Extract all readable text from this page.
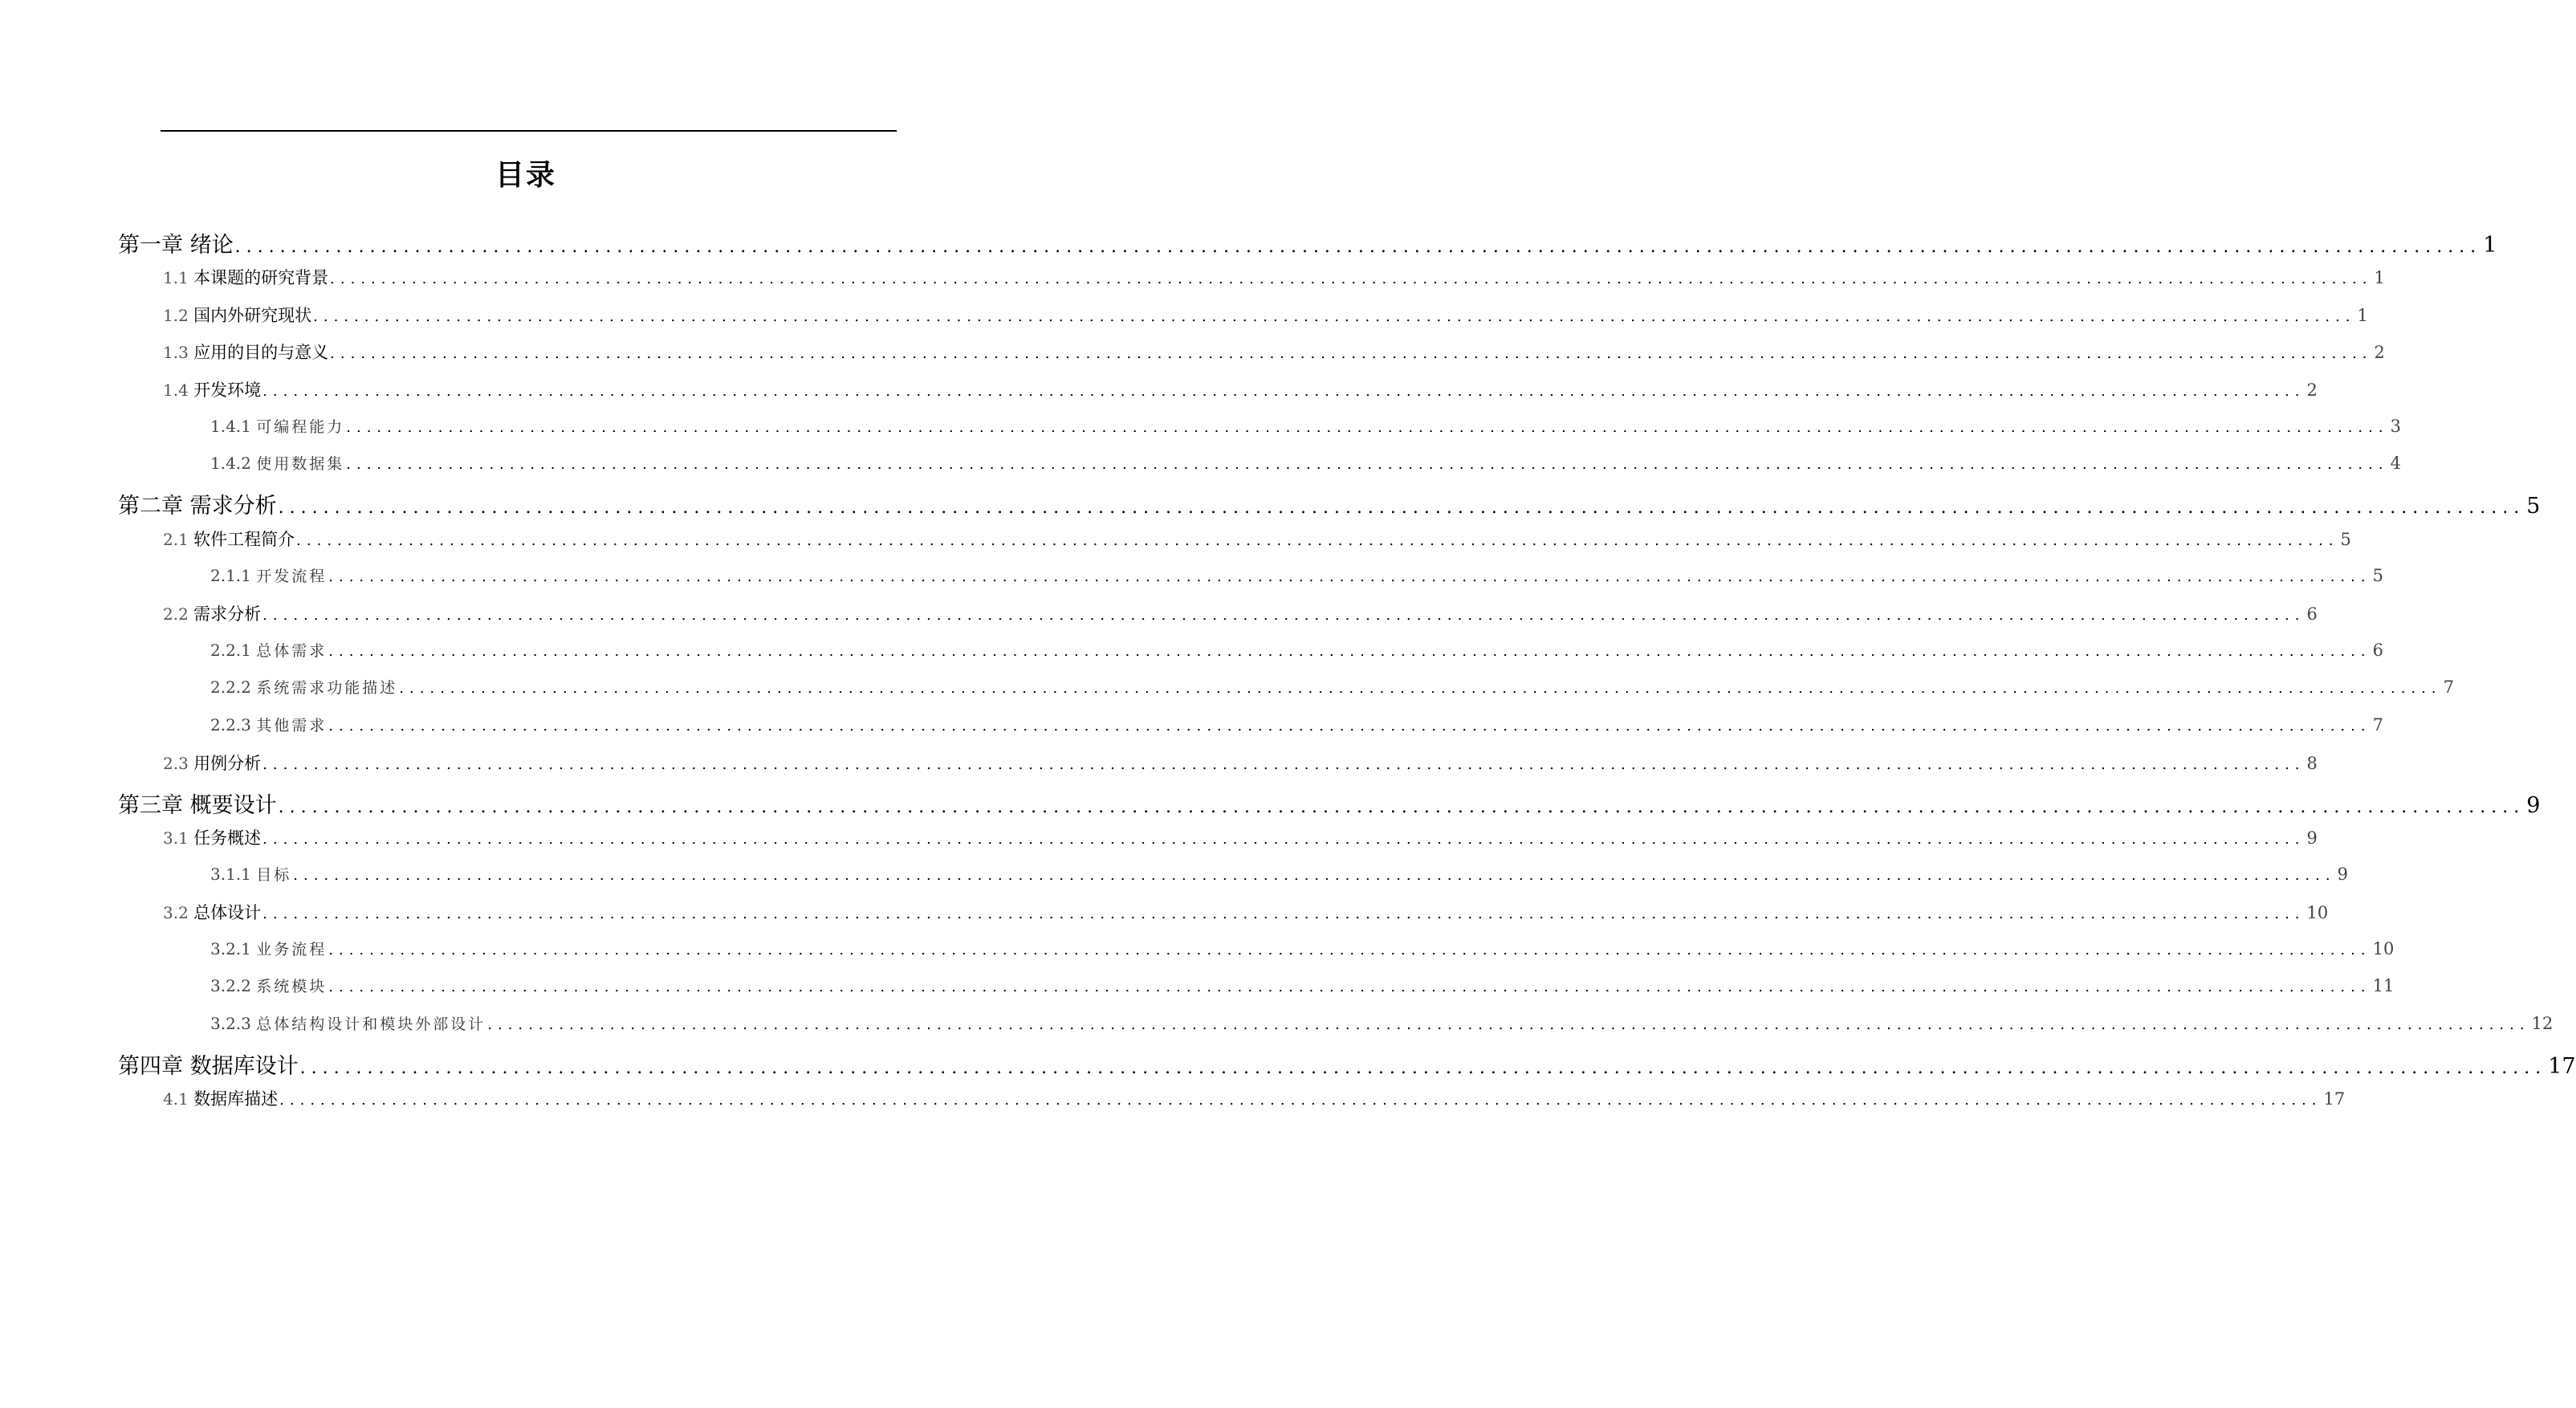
目录
第一章 绪论 ........................................................................................................................................................................................................ 1
1.1 本课题的研究背景 ........................................................................................................................................................................................................ 1
1.2 国内外研究现状 ........................................................................................................................................................................................................ 1
1.3 应用的目的与意义 ........................................................................................................................................................................................................ 2
1.4 开发环境 ........................................................................................................................................................................................................ 2
1.4.1 可编程能力 ........................................................................................................................................................................................................ 3
1.4.2 使用数据集 ........................................................................................................................................................................................................ 4
第二章 需求分析 ........................................................................................................................................................................................................ 5
2.1 软件工程简介 ........................................................................................................................................................................................................ 5
2.1.1 开发流程 ........................................................................................................................................................................................................ 5
2.2 需求分析 ........................................................................................................................................................................................................ 6
2.2.1 总体需求 ........................................................................................................................................................................................................ 6
2.2.2 系统需求功能描述 ........................................................................................................................................................................................................ 7
2.2.3 其他需求 ........................................................................................................................................................................................................ 7
2.3 用例分析 ........................................................................................................................................................................................................ 8
第三章 概要设计 ........................................................................................................................................................................................................ 9
3.1 任务概述 ........................................................................................................................................................................................................ 9
3.1.1 目标 ........................................................................................................................................................................................................ 9
3.2 总体设计 ........................................................................................................................................................................................................ 10
3.2.1 业务流程 ........................................................................................................................................................................................................ 10
3.2.2 系统模块 ........................................................................................................................................................................................................ 11
3.2.3 总体结构设计和模块外部设计 ........................................................................................................................................................................................................ 12
第四章 数据库设计 ........................................................................................................................................................................................................ 17
4.1 数据库描述 ........................................................................................................................................................................................................ 17
